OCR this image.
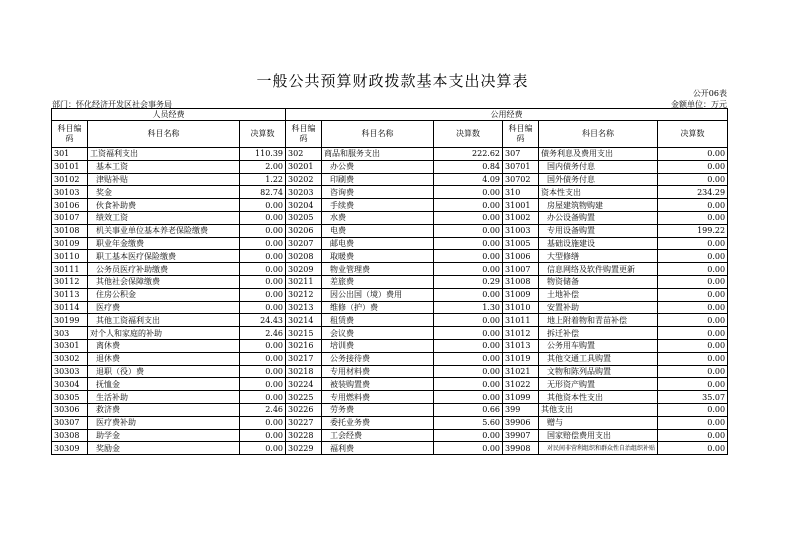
一般公共预算财政拨款基本支出决算表
公开06表
部门：怀化经济开发区社会事务局	金额单位：万元
人员经费			公用经费					
科目编码	科目名称	决算数	科目编码	科目名称	决算数	科目编码	科目名称	决算数
301	工资福利支出	110.39	302	商品和服务支出	222.62	307	债务利息及费用支出	0.00
30101	基本工资	2.00	30201	办公费	0.84	30701	国内债务付息	0.00
30102	津贴补贴	1.22	30202	印刷费	4.09	30702	国外债务付息	0.00
30103	奖金	82.74	30203	咨询费	0.00	310	资本性支出	234.29
30106	伙食补助费	0.00	30204	手续费	0.00	31001	房屋建筑物购建	0.00
30107	绩效工资	0.00	30205	水费	0.00	31002	办公设备购置	0.00
30108	机关事业单位基本养老保险缴费	0.00	30206	电费	0.00	31003	专用设备购置	199.22
30109	职业年金缴费	0.00	30207	邮电费	0.00	31005	基础设施建设	0.00
30110	职工基本医疗保险缴费	0.00	30208	取暖费	0.00	31006	大型修缮	0.00
30111	公务员医疗补助缴费	0.00	30209	物业管理费	0.00	31007	信息网络及软件购置更新	0.00
30112	其他社会保障缴费	0.00	30211	差旅费	0.29	31008	物资储备	0.00
30113	住房公积金	0.00	30212	因公出国（境）费用	0.00	31009	土地补偿	0.00
30114	医疗费	0.00	30213	维修（护）费	1.30	31010	安置补助	0.00
30199	其他工资福利支出	24.43	30214	租赁费	0.00	31011	地上附着物和青苗补偿	0.00
303	对个人和家庭的补助	2.46	30215	会议费	0.00	31012	拆迁补偿	0.00
30301	离休费	0.00	30216	培训费	0.00	31013	公务用车购置	0.00
30302	退休费	0.00	30217	公务接待费	0.00	31019	其他交通工具购置	0.00
30303	退职（役）费	0.00	30218	专用材料费	0.00	31021	文物和陈列品购置	0.00
30304	抚恤金	0.00	30224	被装购置费	0.00	31022	无形资产购置	0.00
30305	生活补助	0.00	30225	专用燃料费	0.00	31099	其他资本性支出	35.07
30306	救济费	2.46	30226	劳务费	0.66	399	其他支出	0.00
30307	医疗费补助	0.00	30227	委托业务费	5.60	39906	赠与	0.00
30308	助学金	0.00	30228	工会经费	0.00	39907	国家赔偿费用支出	0.00
30309	奖励金	0.00	30229	福利费	0.00	39908	对民间非营利组织和群众性自治组织补贴	0.00
